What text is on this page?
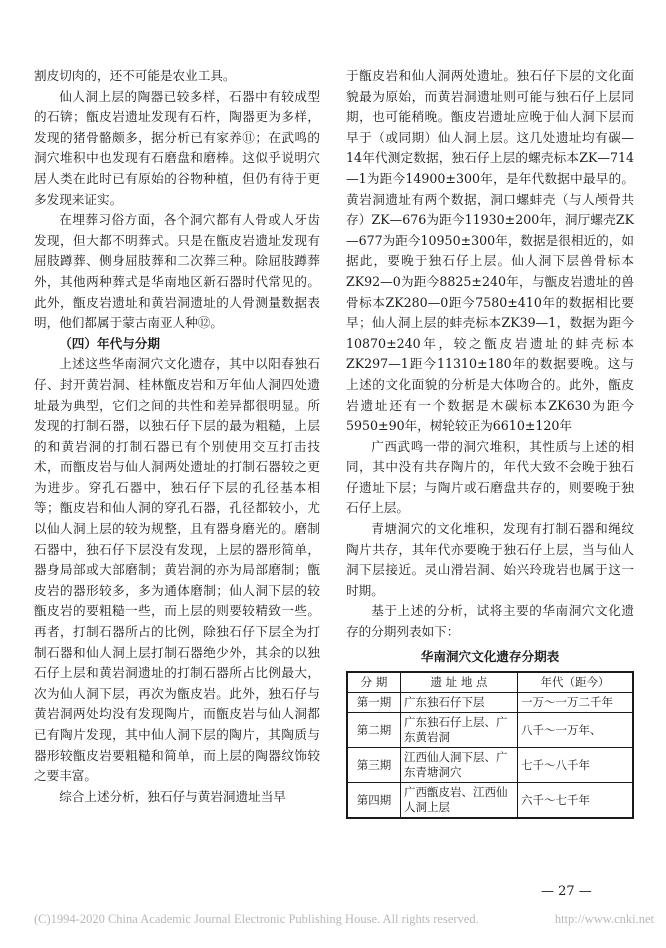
割皮切肉的，还不可能是农业工具。

仙人洞上层的陶器已较多样，石器中有较成型的石锛；甑皮岩遗址发现有石杵，陶器更为多样，发现的猪骨骼颇多，据分析已有家养⑪；在武鸣的洞穴堆积中也发现有石磨盘和磨棒。这似乎说明穴居人类在此时已有原始的谷物种植，但仍有待于更多发现来证实。

在埋葬习俗方面，各个洞穴都有人骨或人牙齿发现，但大都不明葬式。只是在甑皮岩遗址发现有屈肢蹲葬、侧身屈肢葬和二次葬三种。除屈肢蹲葬外，其他两种葬式是华南地区新石器时代常见的。此外，甑皮岩遗址和黄岩洞遗址的人骨测量数据表明，他们都属于蒙古南亚人种⑫。

（四）年代与分期

上述这些华南洞穴文化遗存，其中以阳春独石仔、封开黄岩洞、桂林甑皮岩和万年仙人洞四处遗址最为典型，它们之间的共性和差异都很明显。所发现的打制石器，以独石仔下层的最为粗糙，上层的和黄岩洞的打制石器已有个别使用交互打击技术，而甑皮岩与仙人洞两处遗址的打制石器较之更为进步。穿孔石器中，独石仔下层的孔径基本相等；甑皮岩和仙人洞的穿孔石器，孔径都较小，尤以仙人洞上层的较为规整，且有器身磨光的。磨制石器中，独石仔下层没有发现，上层的器形简单，器身局部或大部磨制；黄岩洞的亦为局部磨制；甑皮岩的器形较多，多为通体磨制；仙人洞下层的较甑皮岩的要粗糙一些，而上层的则要较精致一些。再者，打制石器所占的比例，除独石仔下层全为打制石器和仙人洞上层打制石器绝少外，其余的以独石仔上层和黄岩洞遗址的打制石器所占比例最大，次为仙人洞下层，再次为甑皮岩。此外，独石仔与黄岩洞两处均没有发现陶片，而甑皮岩与仙人洞都已有陶片发现，其中仙人洞下层的陶片，其陶质与器形较甑皮岩要粗糙和简单，而上层的陶器纹饰较之要丰富。

综合上述分析，独石仔与黄岩洞遗址当早

于甑皮岩和仙人洞两处遗址。独石仔下层的文化面貌最为原始，而黄岩洞遗址则可能与独石仔上层同期，也可能稍晚。甑皮岩遗址应晚于仙人洞下层而早于（或同期）仙人洞上层。这几处遗址均有碳—14年代测定数据，独石仔上层的螺壳标本ZK—714—1为距今14900±300年，是年代数据中最早的。黄岩洞遗址有两个数据，洞口螺蚌壳（与人颅骨共存）ZK—676为距今11930±200年，洞厅螺壳ZK—677为距今10950±300年，数据是很相近的，如据此，要晚于独石仔上层。仙人洞下层兽骨标本ZK92—0为距今8825±240年，与甑皮岩遗址的兽骨标本ZK280—0距今7580±410年的数据相比要早；仙人洞上层的蚌壳标本ZK39—1，数据为距今10870±240年，较之甑皮岩遗址的蚌壳标本ZK297—1距今11310±180年的数据要晚。这与上述的文化面貌的分析是大体吻合的。此外，甑皮岩遗址还有一个数据是木碳标本ZK630为距今5950±90年，树轮较正为6610±120年

广西武鸣一带的洞穴堆积，其性质与上述的相同，其中没有共存陶片的，年代大致不会晚于独石仔遗址下层；与陶片或石磨盘共存的，则要晚于独石仔上层。

青塘洞穴的文化堆积，发现有打制石器和绳纹陶片共存，其年代亦要晚于独石仔上层，当与仙人洞下层接近。灵山滑岩洞、始兴玲珑岩也属于这一时期。

基于上述的分析，试将主要的华南洞穴文化遗存的分期列表如下：

华南洞穴文化遗存分期表
分 期	遗 址 地 点	年代（距今）
第一期	广东独石仔下层	一万～一万二千年
第二期	广东独石仔上层、广东黄岩洞	八千～一万年、
第三期	江西仙人洞下层、广东青塘洞穴	七千～八千年
第四期	广西甑皮岩、江西仙人洞上层	六千～七千年
— 27 —
(C)1994-2020 China Academic Journal Electronic Publishing House. All rights reserved.	http://www.cnki.net
